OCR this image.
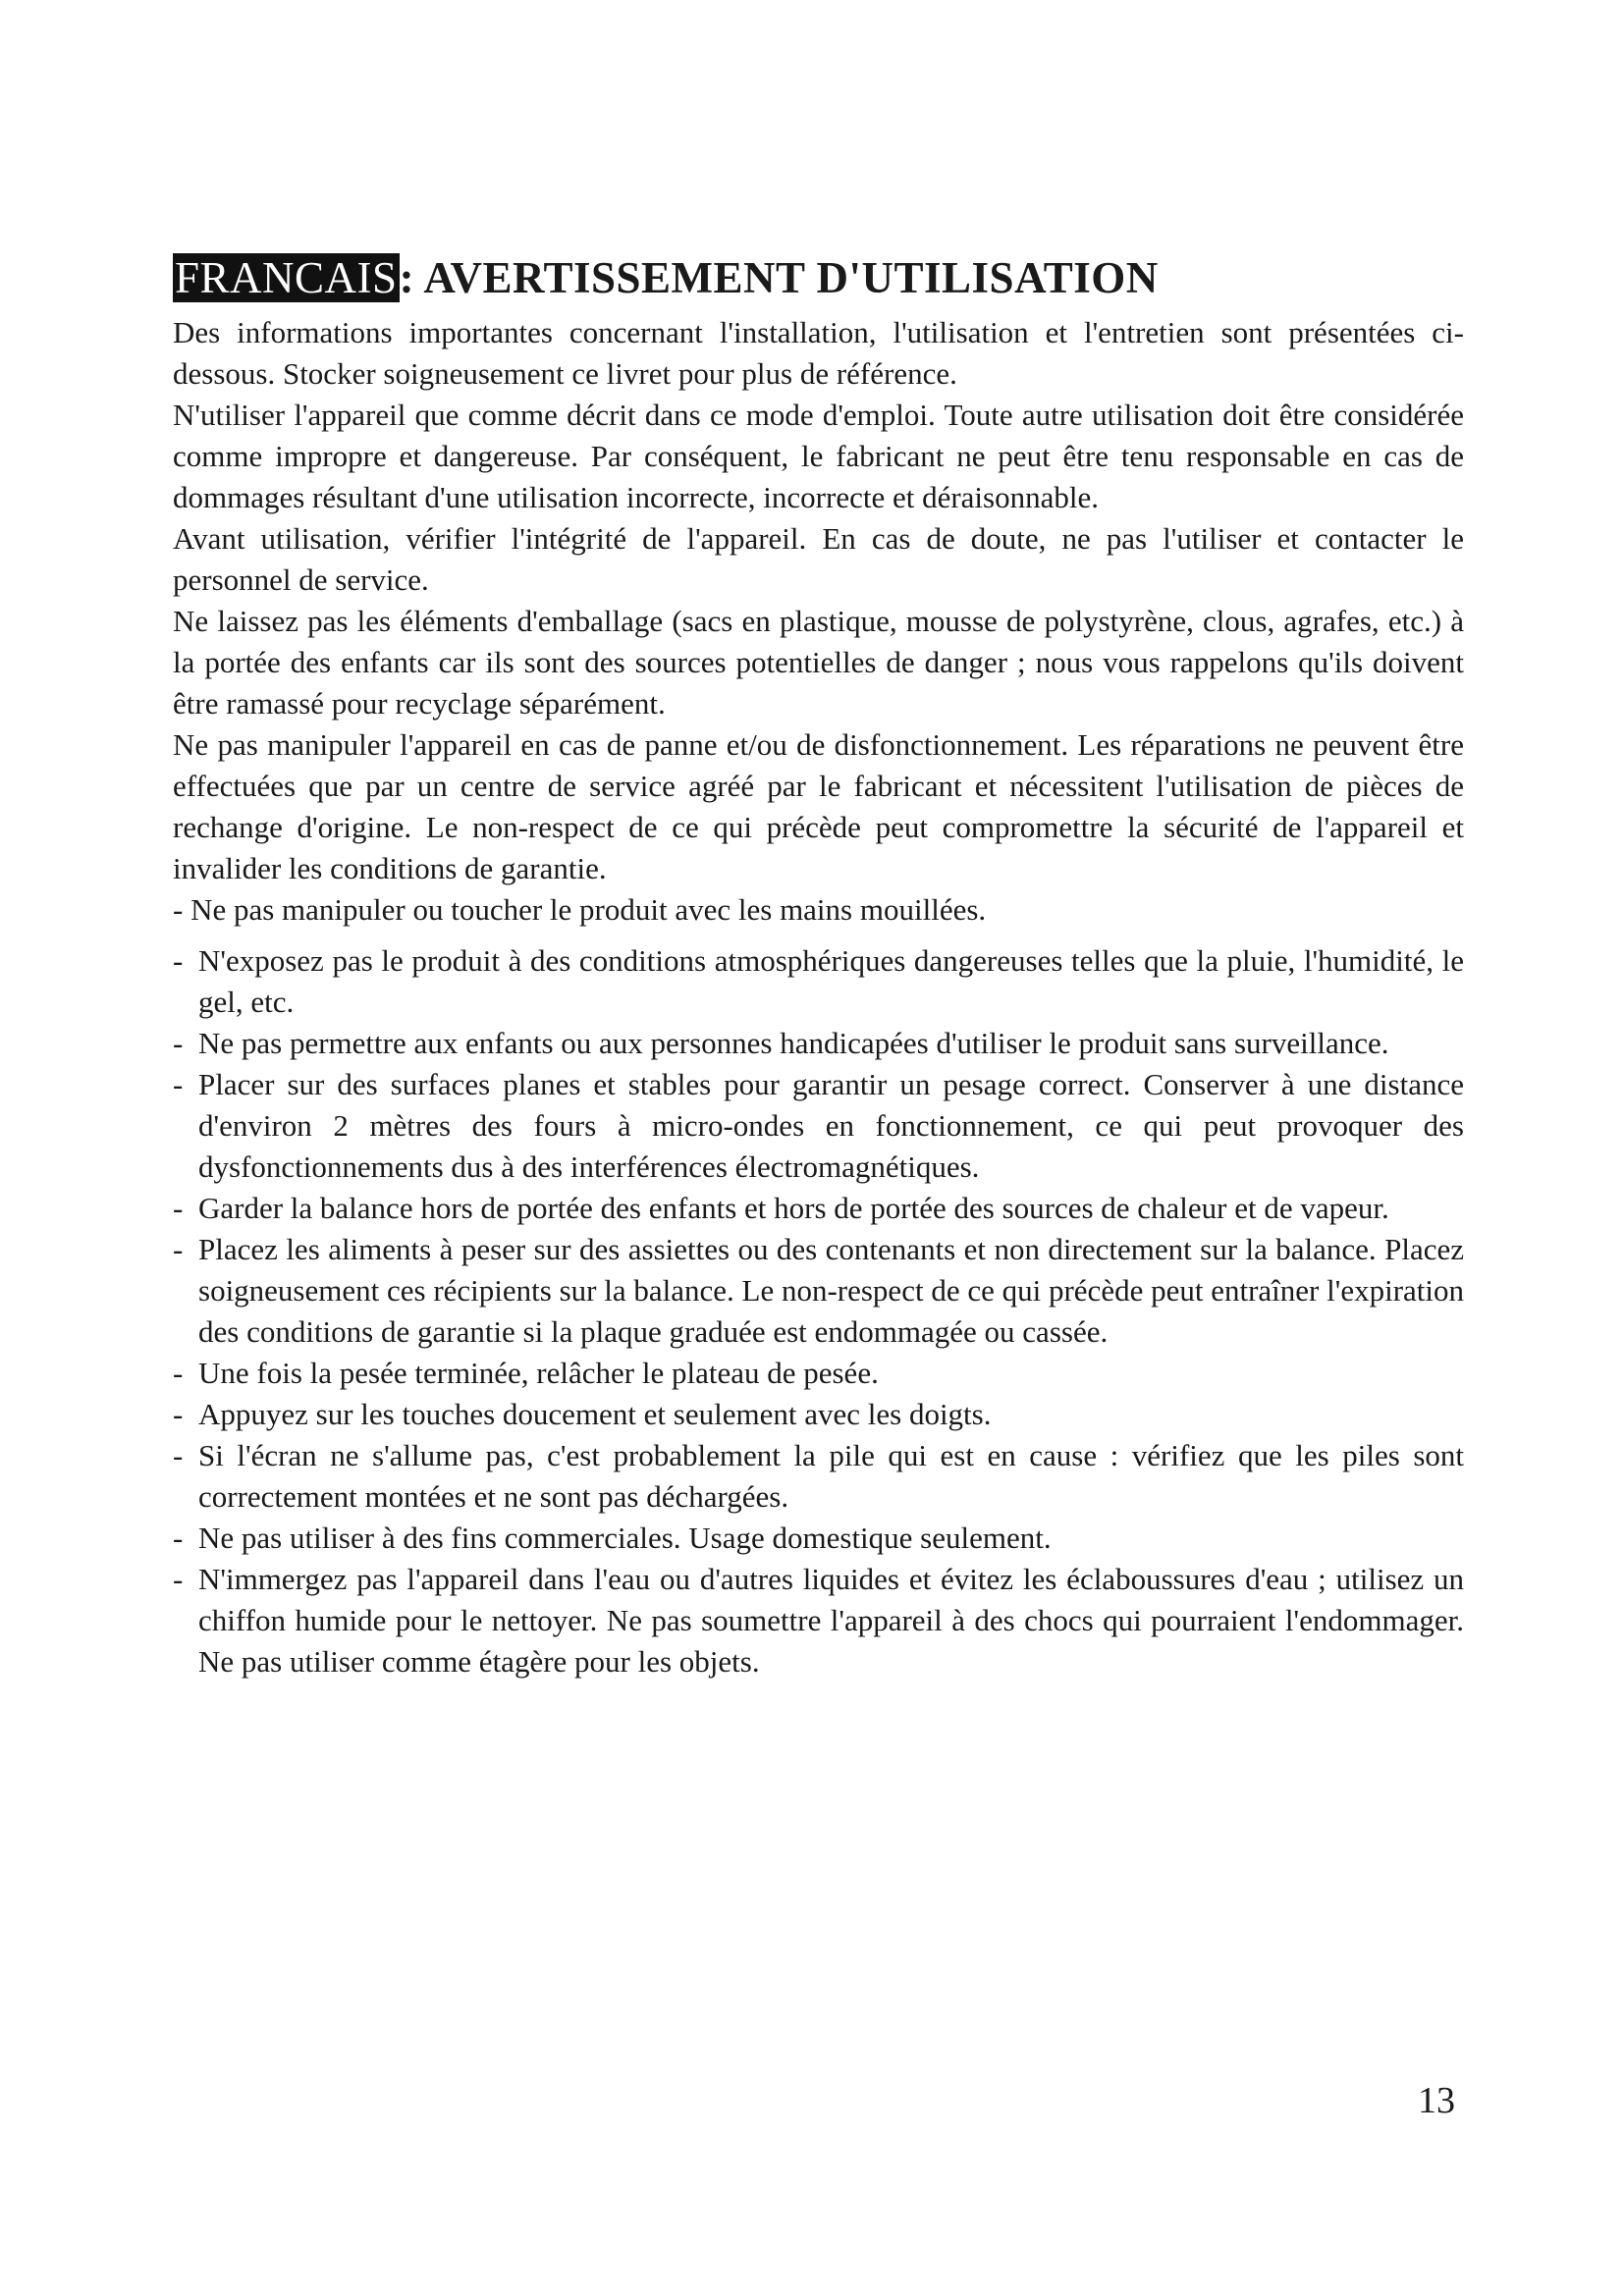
FRANCAIS: AVERTISSEMENT D'UTILISATION

Des informations importantes concernant l'installation, l'utilisation et l'entretien sont présentées ci-dessous. Stocker soigneusement ce livret pour plus de référence.

N'utiliser l'appareil que comme décrit dans ce mode d'emploi. Toute autre utilisation doit être considérée comme impropre et dangereuse. Par conséquent, le fabricant ne peut être tenu responsable en cas de dommages résultant d'une utilisation incorrecte, incorrecte et déraisonnable.

Avant utilisation, vérifier l'intégrité de l'appareil. En cas de doute, ne pas l'utiliser et contacter le personnel de service.

Ne laissez pas les éléments d'emballage (sacs en plastique, mousse de polystyrène, clous, agrafes, etc.) à la portée des enfants car ils sont des sources potentielles de danger ; nous vous rappelons qu'ils doivent être ramassé pour recyclage séparément.

Ne pas manipuler l'appareil en cas de panne et/ou de disfonctionnement. Les réparations ne peuvent être effectuées que par un centre de service agréé par le fabricant et nécessitent l'utilisation de pièces de rechange d'origine. Le non-respect de ce qui précède peut compromettre la sécurité de l'appareil et invalider les conditions de garantie.

- Ne pas manipuler ou toucher le produit avec les mains mouillées.

- N'exposez pas le produit à des conditions atmosphériques dangereuses telles que la pluie, l'humidité, le gel, etc.
- Ne pas permettre aux enfants ou aux personnes handicapées d'utiliser le produit sans surveillance.
- Placer sur des surfaces planes et stables pour garantir un pesage correct. Conserver à une distance d'environ 2 mètres des fours à micro-ondes en fonctionnement, ce qui peut provoquer des dysfonctionnements dus à des interférences électromagnétiques.
- Garder la balance hors de portée des enfants et hors de portée des sources de chaleur et de vapeur.
- Placez les aliments à peser sur des assiettes ou des contenants et non directement sur la balance. Placez soigneusement ces récipients sur la balance. Le non-respect de ce qui précède peut entraîner l'expiration des conditions de garantie si la plaque graduée est endommagée ou cassée.
- Une fois la pesée terminée, relâcher le plateau de pesée.
- Appuyez sur les touches doucement et seulement avec les doigts.
- Si l'écran ne s'allume pas, c'est probablement la pile qui est en cause : vérifiez que les piles sont correctement montées et ne sont pas déchargées.
- Ne pas utiliser à des fins commerciales. Usage domestique seulement.
- N'immergez pas l'appareil dans l'eau ou d'autres liquides et évitez les éclaboussures d'eau ; utilisez un chiffon humide pour le nettoyer. Ne pas soumettre l'appareil à des chocs qui pourraient l'endommager. Ne pas utiliser comme étagère pour les objets.
13
